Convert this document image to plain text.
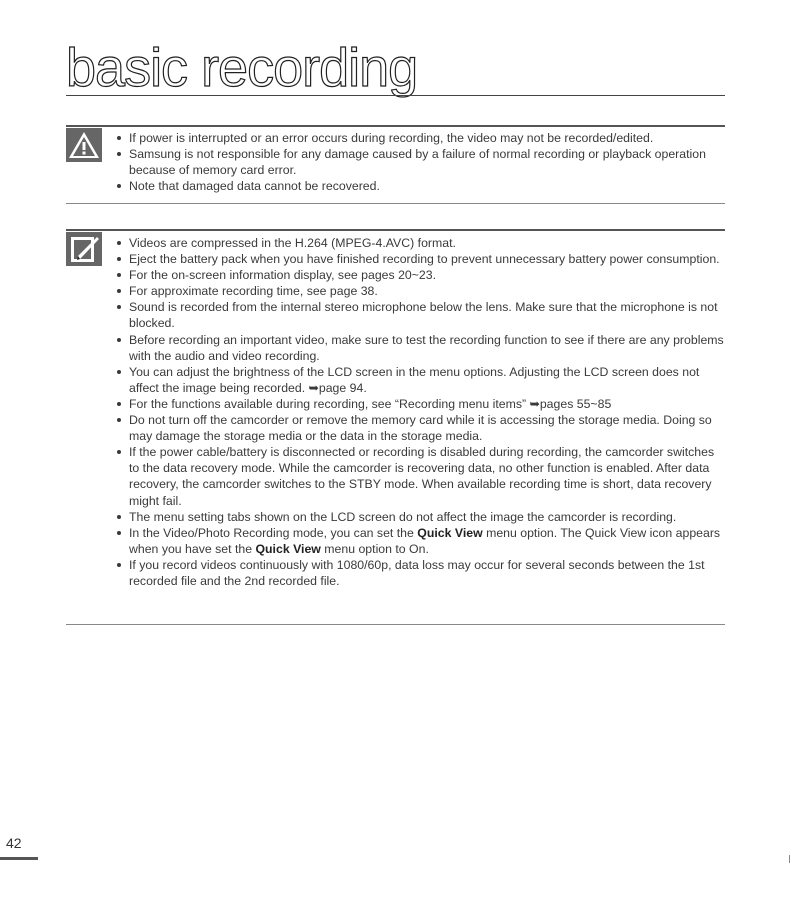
basic recording
If power is interrupted or an error occurs during recording, the video may not be recorded/edited.
Samsung is not responsible for any damage caused by a failure of normal recording or playback operation because of memory card error.
Note that damaged data cannot be recovered.
Videos are compressed in the H.264 (MPEG-4.AVC) format.
Eject the battery pack when you have finished recording to prevent unnecessary battery power consumption.
For the on-screen information display, see pages 20~23.
For approximate recording time, see page 38.
Sound is recorded from the internal stereo microphone below the lens. Make sure that the microphone is not blocked.
Before recording an important video, make sure to test the recording function to see if there are any problems with the audio and video recording.
You can adjust the brightness of the LCD screen in the menu options. Adjusting the LCD screen does not affect the image being recorded. ➥page 94.
For the functions available during recording, see “Recording menu items” ➥pages 55~85
Do not turn off the camcorder or remove the memory card while it is accessing the storage media. Doing so may damage the storage media or the data in the storage media.
If the power cable/battery is disconnected or recording is disabled during recording, the camcorder switches to the data recovery mode. While the camcorder is recovering data, no other function is enabled. After data recovery, the camcorder switches to the STBY mode. When available recording time is short, data recovery might fail.
The menu setting tabs shown on the LCD screen do not affect the image the camcorder is recording.
In the Video/Photo Recording mode, you can set the Quick View menu option. The Quick View icon appears when you have set the Quick View menu option to On.
If you record videos continuously with 1080/60p, data loss may occur for several seconds between the 1st recorded file and the 2nd recorded file.
42
